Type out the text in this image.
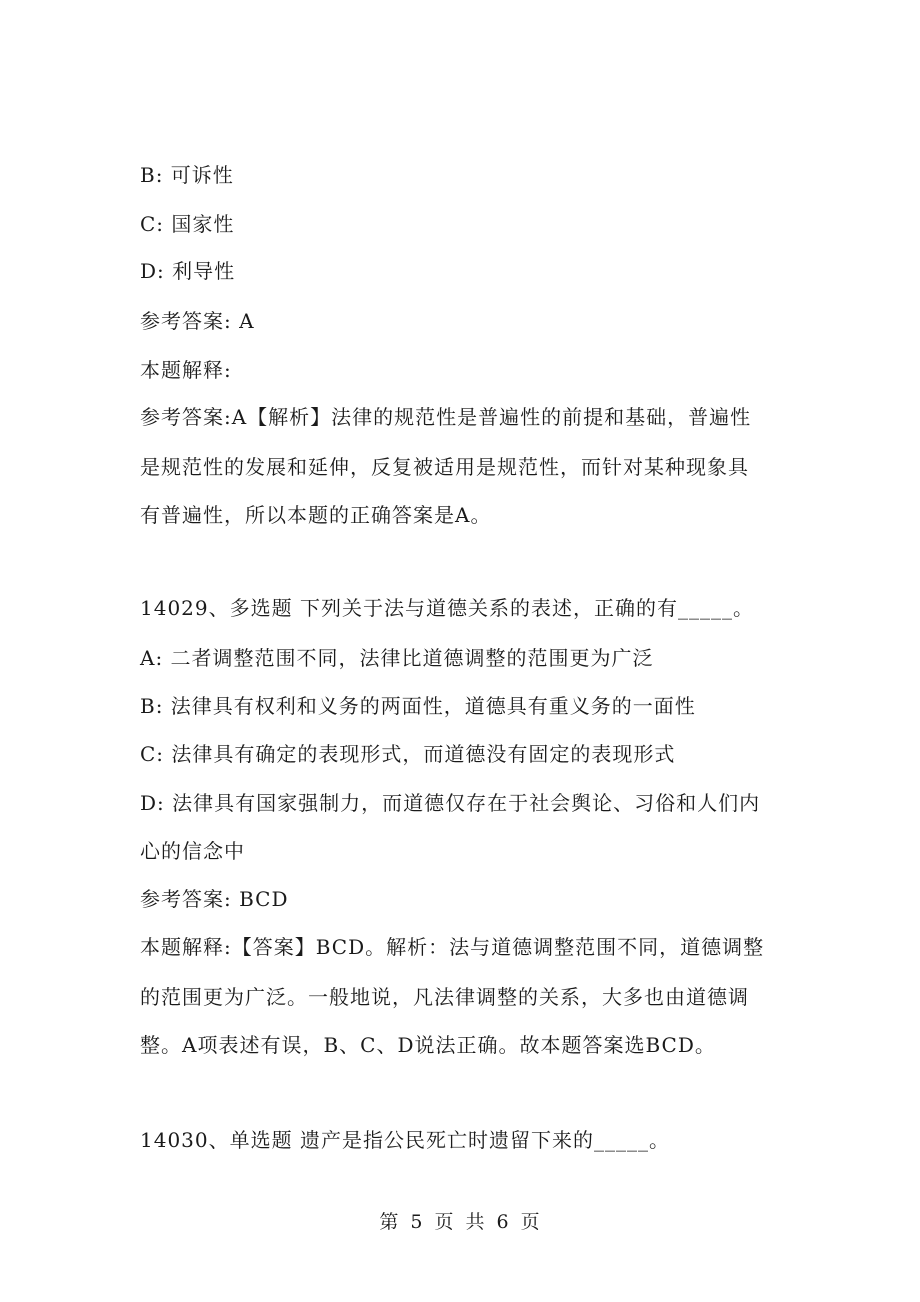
B: 可诉性
C: 国家性
D: 利导性
参考答案: A
本题解释:
参考答案:A【解析】法律的规范性是普遍性的前提和基础，普遍性
是规范性的发展和延伸，反复被适用是规范性，而针对某种现象具
有普遍性，所以本题的正确答案是A。
14029、多选题 下列关于法与道德关系的表述，正确的有_____。
A: 二者调整范围不同，法律比道德调整的范围更为广泛
B: 法律具有权利和义务的两面性，道德具有重义务的一面性
C: 法律具有确定的表现形式，而道德没有固定的表现形式
D: 法律具有国家强制力，而道德仅存在于社会舆论、习俗和人们内
心的信念中
参考答案: BCD
本题解释:【答案】BCD。解析：法与道德调整范围不同，道德调整
的范围更为广泛。一般地说，凡法律调整的关系，大多也由道德调
整。A项表述有误，B、C、D说法正确。故本题答案选BCD。
14030、单选题 遗产是指公民死亡时遗留下来的_____。
第 5 页 共 6 页
